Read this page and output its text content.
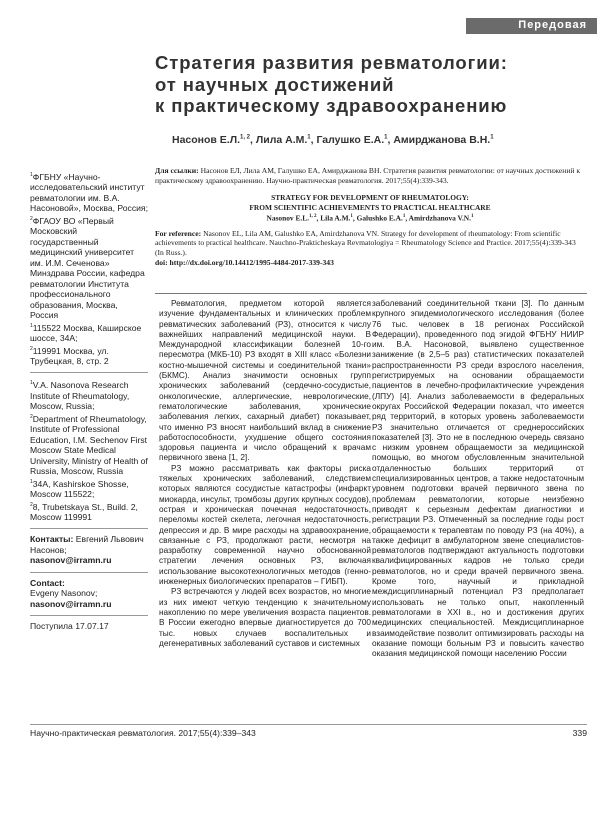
Передовая
Стратегия развития ревматологии:
от научных достижений
к практическому здравоохранению
Насонов Е.Л.$^{1, 2}$, Лила А.М.$^1$, Галушко Е.А.$^1$, Амирджанова В.Н.$^1$

$^1$ФГБНУ «Научно-исследовательский институт ревматологии им. В.А. Насоновой», Москва, Россия;

$^2$ФГАОУ ВО «Первый Московский государственный медицинский университет им. И.М. Сеченова» Минздрава России, кафедра ревматологии Института профессионального образования, Москва, Россия

$^1$115522 Москва, Каширское шоссе, 34А;

$^2$119991 Москва, ул. Трубецкая, 8, стр. 2

$^1$V.A. Nasonova Research Institute of Rheumatology, Moscow, Russia;

$^2$Department of Rheumatology, Institute of Professional Education, I.M. Sechenov First Moscow State Medical University, Ministry of Health of Russia, Moscow, Russia

$^1$34A, Kashirskoe Shosse, Moscow 115522;

$^2$8, Trubetskaya St., Build. 2, Moscow 119991

Контакты: Евгений Львович Насонов;

nasonov@irramn.ru

Contact:

Evgeny Nasonov;

nasonov@irramn.ru

Поступила 17.07.17

Для ссылки: Насонов ЕЛ, Лила АМ, Галушко ЕА, Амирджанова ВН. Стратегия развития ревматологии: от научных достижений к практическому здравоохранению. Научно-практическая ревматология. 2017;55(4):339-343.

STRATEGY FOR DEVELOPMENT OF RHEUMATOLOGY:

FROM SCIENTIFIC ACHIEVEMENTS TO PRACTICAL HEALTHCARE

Nasonov E.L.$^{1, 2}$, Lila A.M.$^1$, Galushko E.A.$^1$, Amirdzhanova V.N.$^1$

For reference: Nasonov EL, Lila AM, Galushko EA, Amirdzhanova VN. Strategy for development of rheumatology: From scientific achievements to practical healthcare. Nauchno-Prakticheskaya Revmatologiya = Rheumatology Science and Practice. 2017;55(4):339-343 (In Russ.).

doi: http://dx.doi.org/10.14412/1995-4484-2017-339-343

Ревматология, предметом которой является изучение фундаментальных и клинических проблем ревматических заболеваний (РЗ), относится к числу важнейших направлений медицинской науки. В Международной классификации болезней 10-го пересмотра (МКБ-10) РЗ входят в XIII класс «Болезни костно-мышечной системы и соединительной ткани» (БКМС). Анализ значимости основных групп хронических заболеваний (сердечно-сосудистые, онкологические, аллергические, неврологические, гематологические заболевания, хронические заболевания легких, сахарный диабет) показывает, что именно РЗ вносят наибольший вклад в снижение работоспособности, ухудшение общего состояния здоровья пациента и число обращений к врачам первичного звена [1, 2].

РЗ можно рассматривать как факторы риска тяжелых хронических заболеваний, следствием которых являются сосудистые катастрофы (инфаркт миокарда, инсульт, тромбозы других крупных сосудов), острая и хроническая почечная недостаточность, переломы костей скелета, легочная недостаточность, депрессия и др. В мире расходы на здравоохранение, связанные с РЗ, продолжают расти, несмотря на разработку современной научно обоснованной стратегии лечения основных РЗ, включая использование высокотехнологичных методов (генно-инженерных биологических препаратов – ГИБП).

РЗ встречаются у людей всех возрастов, но многие из них имеют четкую тенденцию к значительному накоплению по мере увеличения возраста пациентов. В России ежегодно впервые диагностируется до 700 тыс. новых случаев воспалительных и дегенеративных заболеваний суставов и системных

заболеваний соединительной ткани [3]. По данным крупного эпидемиологического исследования (более 76 тыс. человек в 18 регионах Российской Федерации), проведенного под эгидой ФГБНУ НИИР им. В.А. Насоновой, выявлено существенное занижение (в 2,5–5 раз) статистических показателей распространенности РЗ среди взрослого населения, регистрируемых на основании обращаемости пациентов в лечебно-профилактические учреждения (ЛПУ) [4]. Анализ заболеваемости в федеральных округах Российской Федерации показал, что имеется ряд территорий, в которых уровень заболеваемости РЗ значительно отличается от среднероссийских показателей [3]. Это не в последнюю очередь связано с низким уровнем обращаемости за медицинской помощью, во многом обусловленным значительной отдаленностью больших территорий от специализированных центров, а также недостаточным уровнем подготовки врачей первичного звена по проблемам ревматологии, которые неизбежно приводят к серьезным дефектам диагностики и регистрации РЗ. Отмеченный за последние годы рост обращаемости к терапевтам по поводу РЗ (на 40%), а также дефицит в амбулаторном звене специалистов-ревматологов подтверждают актуальность подготовки квалифицированных кадров не только среди ревматологов, но и среди врачей первичного звена. Кроме того, научный и прикладной междисциплинарный потенциал РЗ предполагает использовать не только опыт, накопленный ревматологами в XXI в., но и достижения других медицинских специальностей. Междисциплинарное взаимодействие позволит оптимизировать расходы на оказание помощи больным РЗ и повысить качество оказания медицинской помощи населению России

Научно-практическая ревматология. 2017;55(4):339–343	339
